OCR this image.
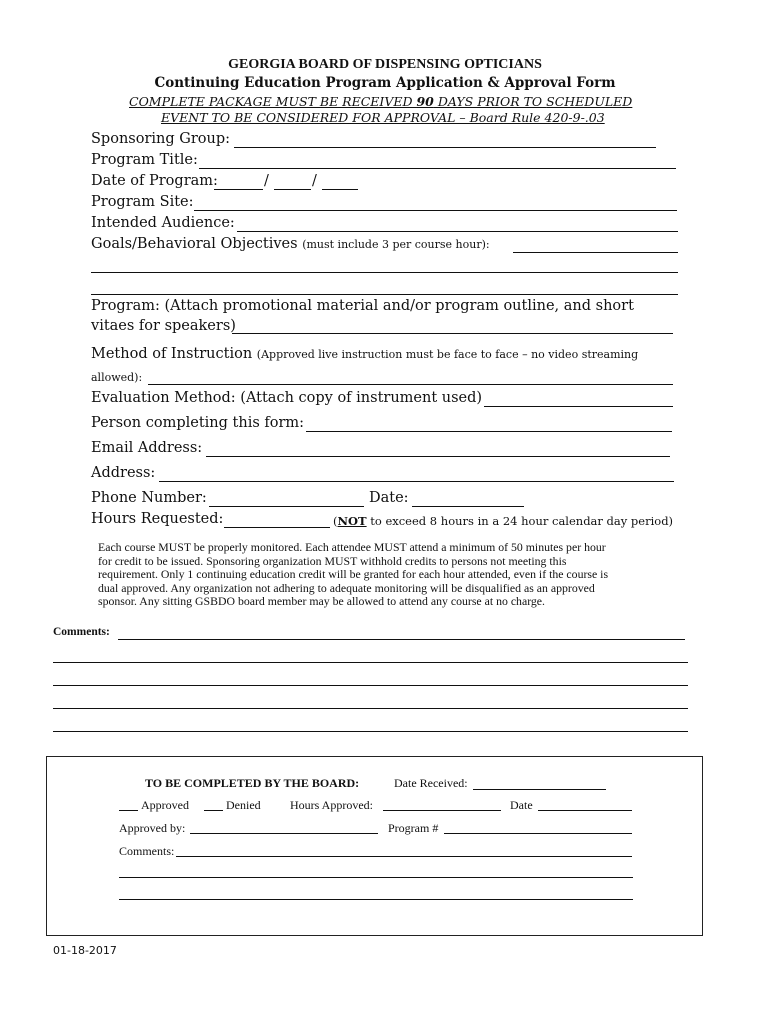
GEORGIA BOARD OF DISPENSING OPTICIANS
Continuing Education Program Application & Approval Form
COMPLETE PACKAGE MUST BE RECEIVED 90 DAYS PRIOR TO SCHEDULED
EVENT TO BE CONSIDERED FOR APPROVAL – Board Rule 420-9-.03
Sponsoring Group:
Program Title:
Date of Program:	/	/
Program Site:
Intended Audience:
Goals/Behavioral Objectives (must include 3 per course hour):
Program: (Attach promotional material and/or program outline, and short
vitaes for speakers)
Method of Instruction (Approved live instruction must be face to face – no video streaming
allowed):
Evaluation Method: (Attach copy of instrument used)
Person completing this form:
Email Address:
Address:
Phone Number:	Date:
Hours Requested:	(NOT to exceed 8 hours in a 24 hour calendar day period)
Each course MUST be properly monitored. Each attendee MUST attend a minimum of 50 minutes per hour
for credit to be issued. Sponsoring organization MUST withhold credits to persons not meeting this
requirement. Only 1 continuing education credit will be granted for each hour attended, even if the course is
dual approved. Any organization not adhering to adequate monitoring will be disqualified as an approved
sponsor. Any sitting GSBDO board member may be allowed to attend any course at no charge.
Comments:
TO BE COMPLETED BY THE BOARD:	Date Received:
Approved	Denied Hours Approved:	Date
Approved by:	Program #
Comments:
01-18-2017
